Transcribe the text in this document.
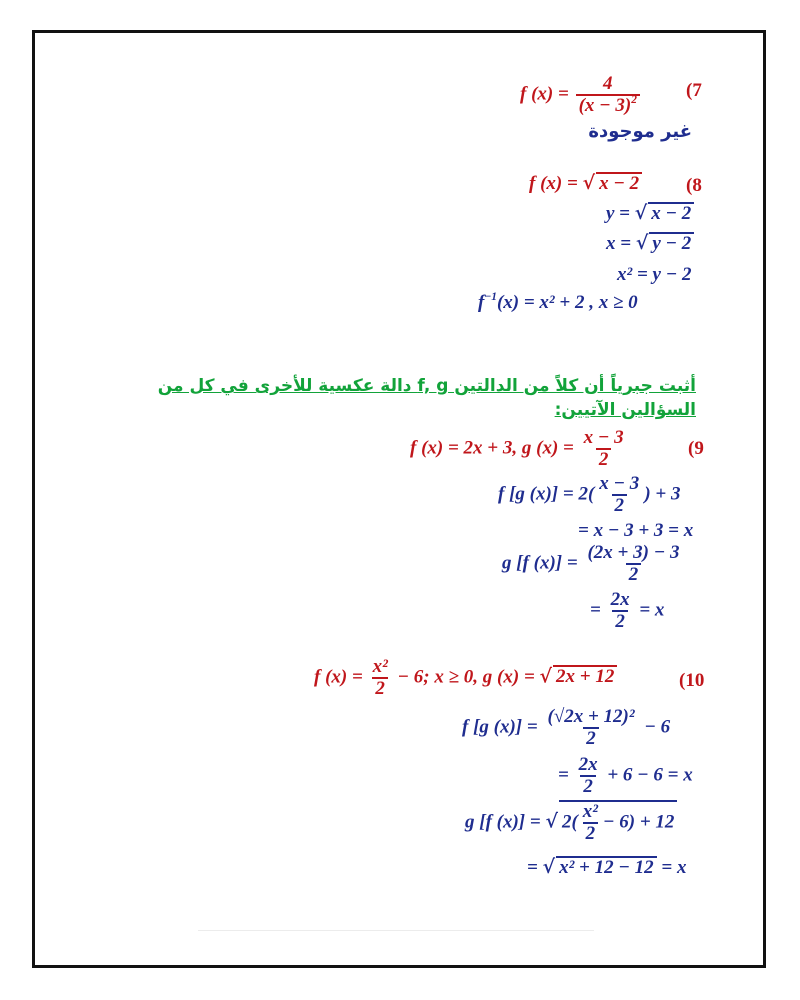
f $(x) = \frac{4}{(x - 3)^2} (7$
غير موجودة
f (x) = √ x − 2 (8
y = √ x − 2
x = √ y − 2
x² = y − 2
$f^{-1}(x) = x^2 + 2$ , x ≥ 0
أثبت جبرياً أن كلاً من الدالتين f, g دالة عكسية للأخرى في كل من السؤالين الآتيين:
f (x) = 2x + 3, g $(x) = \frac{x - 3}{2}$	(9
f [g $(x)] = 2( \frac{x - 3}{2}$ ) + 3
= x − 3 + 3 = x
g [f $(x)] = \frac{(2x + 3) - 3}{2}$
= $\frac{2x}{2} = x$
f $(x) = \frac{\text{x²}}{2} - 6$; x ≥ 0, g (x) = √ 2x + 12	(10
f [g $(x)] = \frac{\text{(√2x + 12)²}}{2} - 6$
= $\frac{2x}{2} + 6 - 6 = x$
g [f (x)] = √ $2( \frac{\text{x²}}{2} - 6) + 12$
= √ x² + 12 − 12 = x
